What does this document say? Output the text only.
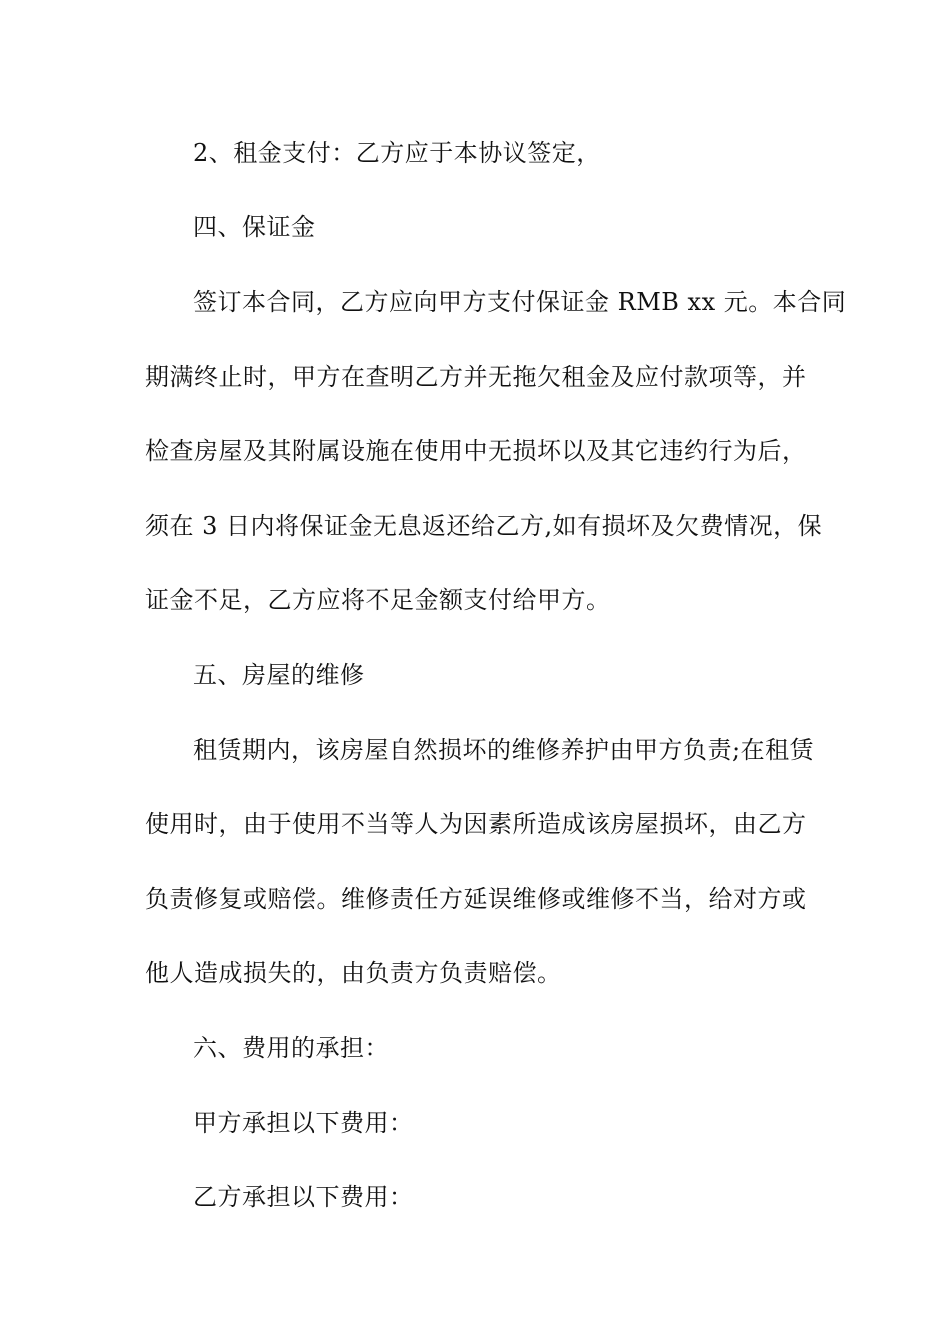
2、租金支付：乙方应于本协议签定，
四、保证金
签订本合同，乙方应向甲方支付保证金 RMB xx 元。本合同
期满终止时，甲方在查明乙方并无拖欠租金及应付款项等，并
检查房屋及其附属设施在使用中无损坏以及其它违约行为后，
须在 3 日内将保证金无息返还给乙方,如有损坏及欠费情况，保
证金不足，乙方应将不足金额支付给甲方。
五、房屋的维修
租赁期内，该房屋自然损坏的维修养护由甲方负责;在租赁
使用时，由于使用不当等人为因素所造成该房屋损坏，由乙方
负责修复或赔偿。维修责任方延误维修或维修不当，给对方或
他人造成损失的，由负责方负责赔偿。
六、费用的承担：
甲方承担以下费用：
乙方承担以下费用：
